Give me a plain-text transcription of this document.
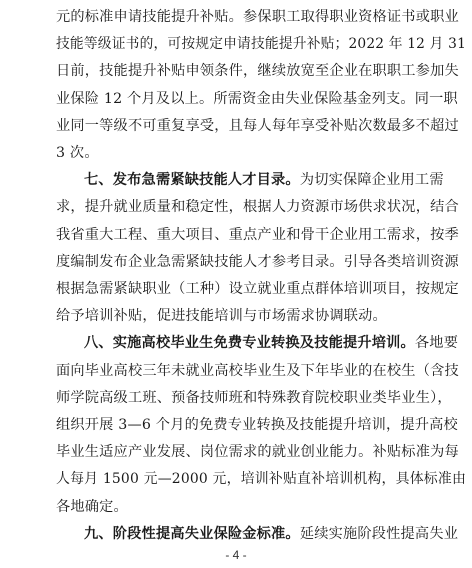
元的标准申请技能提升补贴。参保职工取得职业资格证书或职业
技能等级证书的，可按规定申请技能提升补贴；2022 年 12 月 31
日前，技能提升补贴申领条件，继续放宽至企业在职职工参加失
业保险 12 个月及以上。所需资金由失业保险基金列支。同一职
业同一等级不可重复享受，且每人每年享受补贴次数最多不超过
3 次。
七、发布急需紧缺技能人才目录。为切实保障企业用工需
求，提升就业质量和稳定性，根据人力资源市场供求状况，结合
我省重大工程、重大项目、重点产业和骨干企业用工需求，按季
度编制发布企业急需紧缺技能人才参考目录。引导各类培训资源
根据急需紧缺职业（工种）设立就业重点群体培训项目，按规定
给予培训补贴，促进技能培训与市场需求协调联动。
八、实施高校毕业生免费专业转换及技能提升培训。各地要
面向毕业高校三年未就业高校毕业生及下年毕业的在校生（含技
师学院高级工班、预备技师班和特殊教育院校职业类毕业生），
组织开展 3—6 个月的免费专业转换及技能提升培训，提升高校
毕业生适应产业发展、岗位需求的就业创业能力。补贴标准为每
人每月 1500 元—2000 元，培训补贴直补培训机构，具体标准由
各地确定。
九、阶段性提高失业保险金标准。延续实施阶段性提高失业
- 4 -
